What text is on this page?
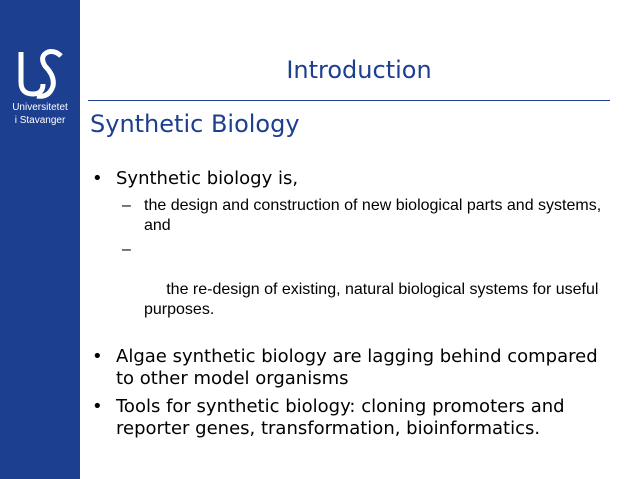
Universitetet
i Stavanger
Introduction
Synthetic Biology
• Synthetic biology is,
– the design and construction of new biological parts and systems, and

–

the re-design of existing, natural biological systems for useful purposes.

• Algae synthetic biology are lagging behind compared to other model organisms
• Tools for synthetic biology: cloning promoters and reporter genes, transformation, bioinformatics.
